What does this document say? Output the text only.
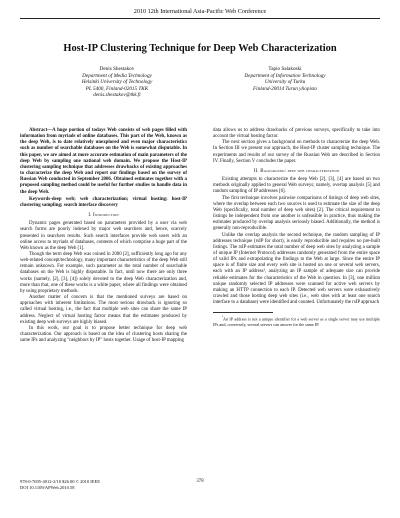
2010 12th International Asia-Pacific Web Conference
Host-IP Clustering Technique for Deep Web Characterization
Denis Shestakov
Department of Media Technology
Helsinki University of Technology
PL 5400, Finland-02015 TKK
denis.shestakov@tkk.fi
Tapio Salakoski
Department of Information Technology
University of Turku
Finland-20014 Turun yliopisto

Abstract—A huge portion of todays Web consists of web pages filled with information from myriads of online databases. This part of the Web, known as the deep Web, is to date relatively unexplored and even major characteristics such as number of searchable databases on the Web is somewhat disputable. In this paper, we are aimed at more accurate estimation of main parameters of the deep Web by sampling one national web domain. We propose the Host-IP clustering sampling technique that addresses drawbacks of existing approaches to characterize the deep Web and report our findings based on the survey of Russian Web conducted in September 2006. Obtained estimates together with a proposed sampling method could be useful for further studies to handle data in the deep Web.

Keywords-deep web; web characterization; virtual hosting; host-IP clustering sampling; search interface discovery

I. Introduction

Dynamic pages generated based on parameters provided by a user via web search forms are poorly indexed by major web searchers and, hence, scarcely presented in searchers results. Such search interfaces provide web users with an online access to myriads of databases, contents of which comprise a huge part of the Web known as the deep Web [1].

Though the term deep Web was coined in 2000 [2], sufficiently long ago for any web-related concept/technology, many important characteristics of the deep Web still remain unknown. For example, such parameter as the total number of searchable databases on the Web is highly disputable. In fact, until now there are only three works (namely, [2], [3], [4]) solely devoted to the deep Web characterization and, more than that, one of these works is a white paper, where all findings were obtained by using proprietary methods.

Another matter of concern is that the mentioned surveys are based on approaches with inherent limitations. The most serious drawback is ignoring so called virtual hosting, i.e., the fact that multiple web sites can share the same IP address. Neglect of virtual hosting factor means that the estimates produced by existing deep web surveys are highly biased.

In this work, our goal is to propose better technique for deep web characterization. Our approach is based on the idea of clustering hosts sharing the same IPs and analyzing "neighbors by IP" hosts together. Usage of host-IP mapping

data allows us to address drawbacks of previous surveys, specifically to take into account the virtual hosting factor.

The next section gives a background on methods to characterize the deep Web. In Section III we present our approach, the Host-IP cluster sampling technique. The experiments and results of our survey of the Russian Web are described in Section IV. Finally, Section V concludes the paper.

II. Background: deep web characterization

Existing attempts to characterize the deep Web [2], [3], [4] are based on two methods originally applied to general Web surveys; namely, overlap analysis [5] and random sampling of IP addresses [6].

The first technique involves pairwise comparisons of listings of deep web sites, where the overlap between each two sources is used to estimate the size of the deep Web (specifically, total number of deep web sites) [2]. The critical requirement to listings be independent from one another is unfeasible in practice, thus making the estimates produced by overlap analysis seriously biased. Additionally, the method is generally non-reproducible.

Unlike the overlap analysis the second technique, the random sampling of IP addresses technique (rsIP for short), is easily reproducible and requires no pre-built listings. The rsIP estimates the total number of deep web sites by analyzing a sample of unique IP (Internet Protocol) addresses randomly generated from the entire space of valid IPs and extrapolating the findings to the Web at large. Since the entire IP space is of finite size and every web site is hosted on one or several web servers, each with an IP address¹, analyzing an IP sample of adequate size can provide reliable estimates for the characteristics of the Web in question. In [3], one million unique randomly selected IP addresses were scanned for active web servers by making an HTTP connection to each IP. Detected web servers were exhaustively crawled and those hosting deep web sites (i.e., web sites with at least one search interface to a database) were identified and counted. Unfortunately the rsIP approach

$^{^1}$An IP address is not a unique identifier for a web server as a single server may use multiple IPs and, conversely, several servers can answer for the same IP.

978-0-7695-4012-2/10 $26.00 © 2010 IEEE
DOI 10.1109/APWeb.2010.58
378
